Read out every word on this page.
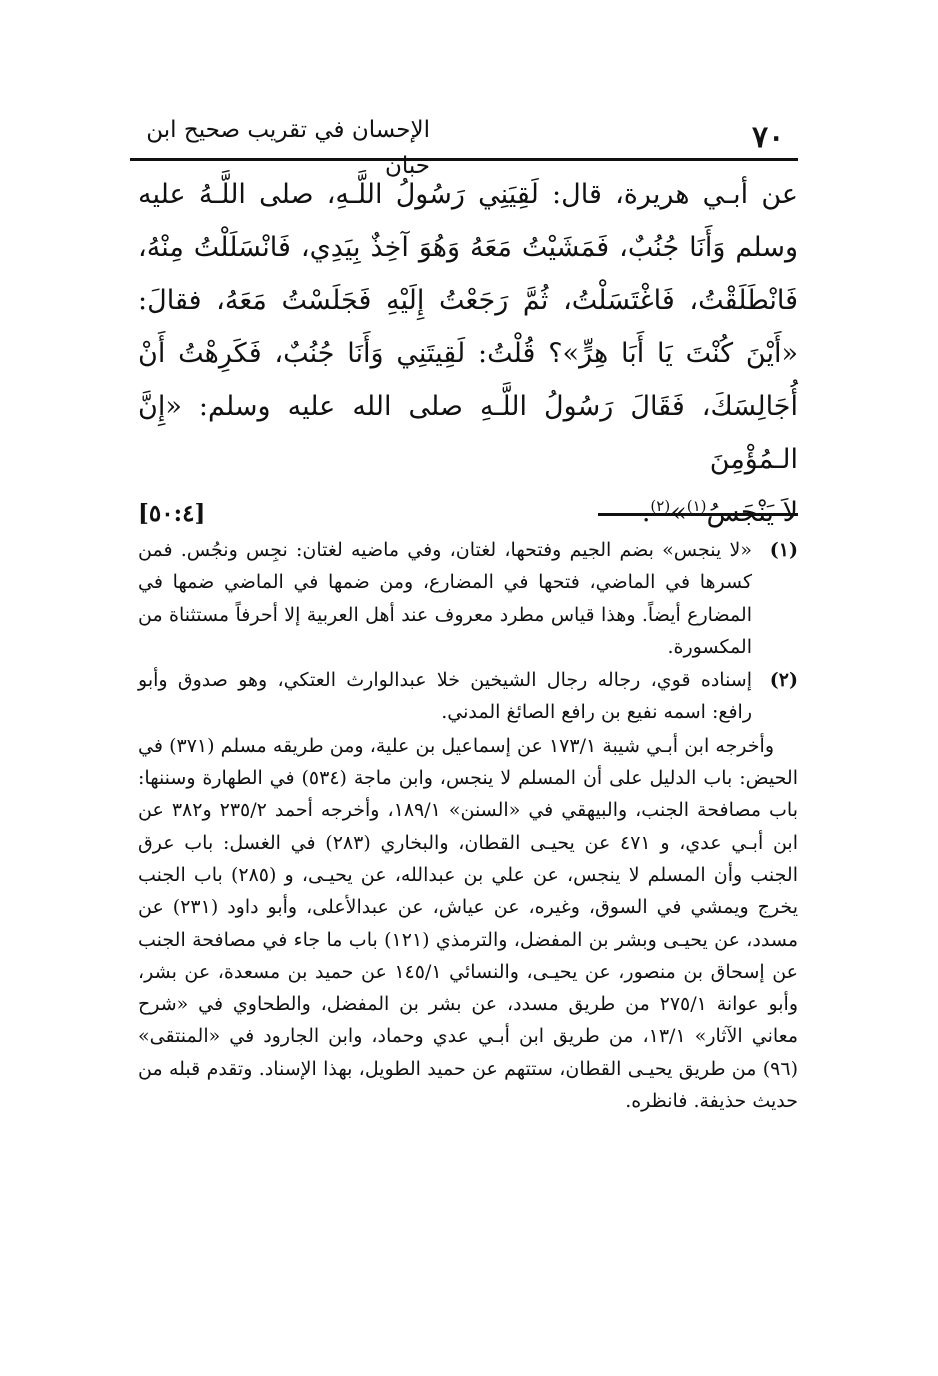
٧٠
الإحسان في تقريب صحيح ابن حبان

عن أبـي هريرة، قال: لَقِيَنِي رَسُولُ اللَّـهِ، صلى اللَّـهُ عليه وسلم وَأَنَا جُنُبٌ، فَمَشَيْتُ مَعَهُ وَهُوَ آخِذٌ بِيَدِي، فَانْسَلَلْتُ مِنْهُ، فَانْطَلَقْتُ، فَاغْتَسَلْتُ، ثُمَّ رَجَعْتُ إِلَيْهِ فَجَلَسْتُ مَعَهُ، فقالَ: «أَيْنَ كُنْتَ يَا أَبَا هِرٍّ»؟ قُلْتُ: لَقِيتَنِي وَأَنَا جُنُبٌ، فَكَرِهْتُ أَنْ أُجَالِسَكَ، فَقَالَ رَسُولُ اللَّـهِ صلى الله عليه وسلم: «إِنَّ الـمُؤْمِنَ

لاَ يَنْجَسُ$^{(١)}$»$^{(٢)}$.
[٥٠:٤]
(١)

«لا ينجس» بضم الجيم وفتحها، لغتان، وفي ماضيه لغتان: نجِس ونجُس. فمن كسرها في الماضي، فتحها في المضارع، ومن ضمها في الماضي ضمها في المضارع أيضاً. وهذا قياس مطرد معروف عند أهل العربية إلا أحرفاً مستثناة من المكسورة.

(٢)

إسناده قوي، رجاله رجال الشيخين خلا عبدالوارث العتكي، وهو صدوق وأبو رافع: اسمه نفيع بن رافع الصائغ المدني.

وأخرجه ابن أبـي شيبة ١٧٣/١ عن إسماعيل بن علية، ومن طريقه مسلم (٣٧١) في الحيض: باب الدليل على أن المسلم لا ينجس، وابن ماجة (٥٣٤) في الطهارة وسننها: باب مصافحة الجنب، والبيهقي في «السنن» ١٨٩/١، وأخرجه أحمد ٢٣٥/٢ و٣٨٢ عن ابن أبـي عدي، و ٤٧١ عن يحيـى القطان، والبخاري (٢٨٣) في الغسل: باب عرق الجنب وأن المسلم لا ينجس، عن علي بن عبدالله، عن يحيـى، و (٢٨٥) باب الجنب يخرج ويمشي في السوق، وغيره، عن عياش، عن عبدالأعلى، وأبو داود (٢٣١) عن مسدد، عن يحيـى وبشر بن المفضل، والترمذي (١٢١) باب ما جاء في مصافحة الجنب عن إسحاق بن منصور، عن يحيـى، والنسائي ١٤٥/١ عن حميد بن مسعدة، عن بشر، وأبو عوانة ٢٧٥/١ من طريق مسدد، عن بشر بن المفضل، والطحاوي في «شرح معاني الآثار» ١٣/١، من طريق ابن أبـي عدي وحماد، وابن الجارود في «المنتقى» (٩٦) من طريق يحيـى القطان، ستتهم عن حميد الطويل، بهذا الإسناد. وتقدم قبله من حديث حذيفة. فانظره.
